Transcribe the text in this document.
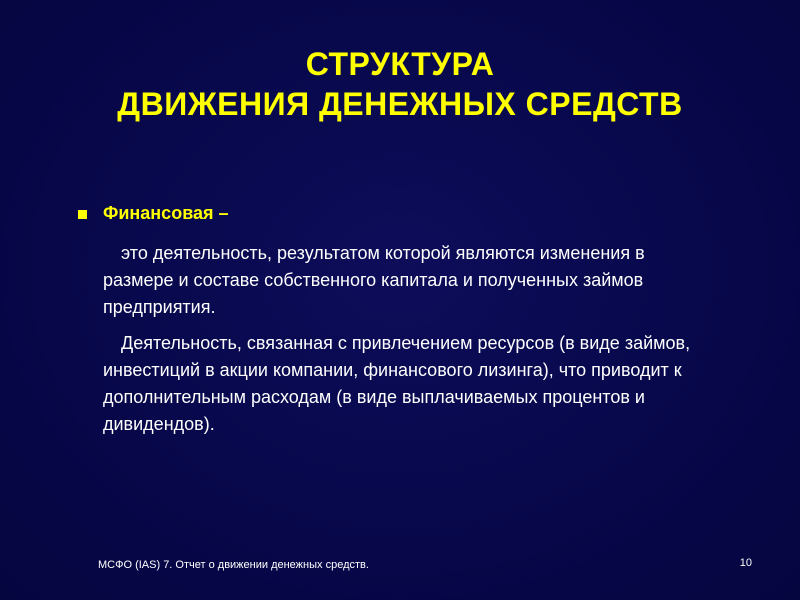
СТРУКТУРА
ДВИЖЕНИЯ ДЕНЕЖНЫХ СРЕДСТВ
Финансовая –
это деятельность, результатом которой являются изменения в размере и составе собственного капитала и полученных займов предприятия.
Деятельность, связанная с привлечением ресурсов (в виде займов, инвестиций в акции компании, финансового лизинга), что приводит к дополнительным расходам (в виде выплачиваемых процентов и дивидендов).
МСФО (IAS) 7. Отчет о движении денежных средств.	10
